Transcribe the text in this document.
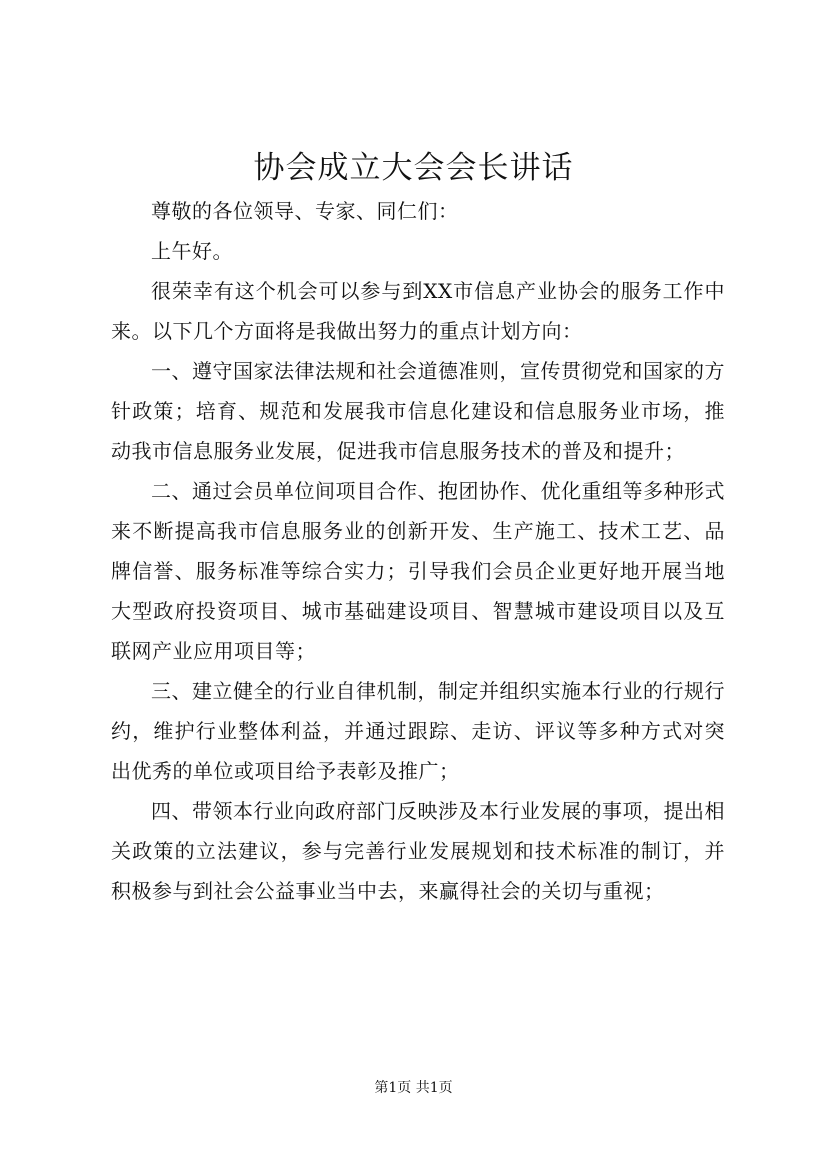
协会成立大会会长讲话

尊敬的各位领导、专家、同仁们：

上午好。

很荣幸有这个机会可以参与到XX市信息产业协会的服务工作中来。以下几个方面将是我做出努力的重点计划方向：

一、遵守国家法律法规和社会道德准则，宣传贯彻党和国家的方针政策；培育、规范和发展我市信息化建设和信息服务业市场，推动我市信息服务业发展，促进我市信息服务技术的普及和提升；

二、通过会员单位间项目合作、抱团协作、优化重组等多种形式来不断提高我市信息服务业的创新开发、生产施工、技术工艺、品牌信誉、服务标准等综合实力；引导我们会员企业更好地开展当地大型政府投资项目、城市基础建设项目、智慧城市建设项目以及互联网产业应用项目等；

三、建立健全的行业自律机制，制定并组织实施本行业的行规行约，维护行业整体利益，并通过跟踪、走访、评议等多种方式对突出优秀的单位或项目给予表彰及推广；

四、带领本行业向政府部门反映涉及本行业发展的事项，提出相关政策的立法建议，参与完善行业发展规划和技术标准的制订，并积极参与到社会公益事业当中去，来赢得社会的关切与重视；

第1页 共1页
